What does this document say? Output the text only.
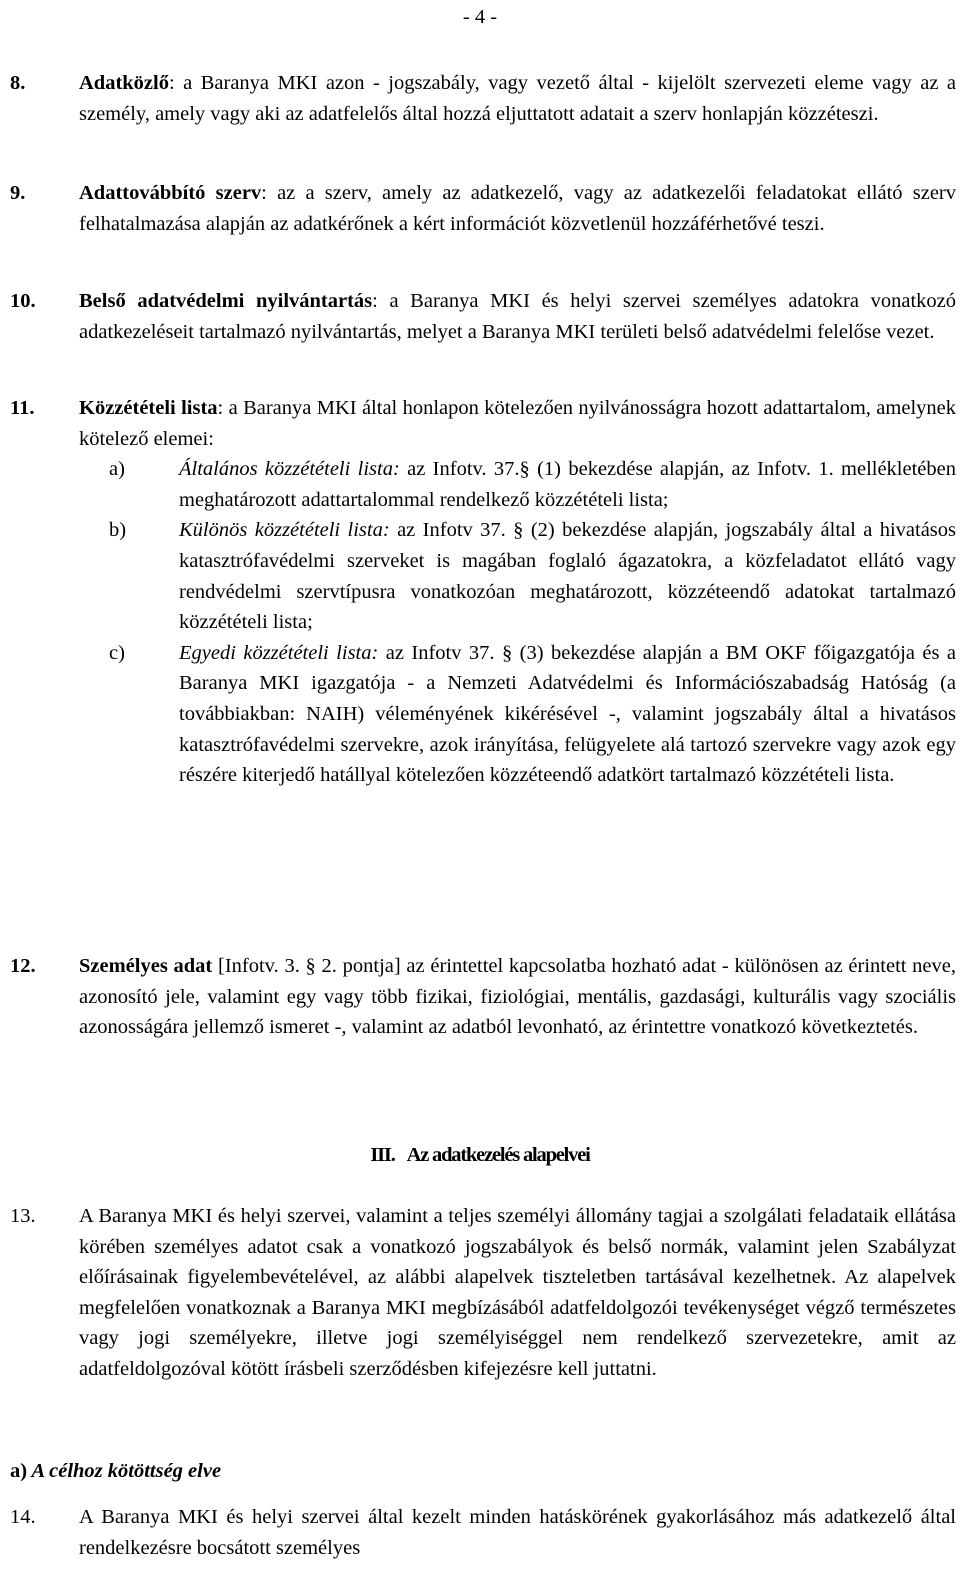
- 4 -
8.	Adatközlő: a Baranya MKI azon - jogszabály, vagy vezető által - kijelölt szervezeti eleme vagy az a személy, amely vagy aki az adatfelelős által hozzá eljuttatott adatait a szerv honlapján közzéteszi.
9.	Adattovábbító szerv: az a szerv, amely az adatkezelő, vagy az adatkezelői feladatokat ellátó szerv felhatalmazása alapján az adatkérőnek a kért információt közvetlenül hozzáférhetővé teszi.
10. Belső adatvédelmi nyilvántartás: a Baranya MKI és helyi szervei személyes adatokra vonatkozó adatkezeléseit tartalmazó nyilvántartás, melyet a Baranya MKI területi belső adatvédelmi felelőse vezet.
11. Közzétételi lista: a Baranya MKI által honlapon kötelezően nyilvánosságra hozott adattartalom, amelynek kötelező elemei:
a)	Általános közzétételi lista: az Infotv. 37.§ (1) bekezdése alapján, az Infotv. 1. mellékletében meghatározott adattartalommal rendelkező közzétételi lista;
b)	Különös közzétételi lista: az Infotv 37. § (2) bekezdése alapján, jogszabály által a hivatásos katasztrófavédelmi szerveket is magában foglaló ágazatokra, a közfeladatot ellátó vagy rendvédelmi szervtípusra vonatkozóan meghatározott, közzéteendő adatokat tartalmazó közzétételi lista;
c)	Egyedi közzétételi lista: az Infotv 37. § (3) bekezdése alapján a BM OKF főigazgatója és a Baranya MKI igazgatója - a Nemzeti Adatvédelmi és Információszabadság Hatóság (a továbbiakban: NAIH) véleményének kikérésével -, valamint jogszabály által a hivatásos katasztrófavédelmi szervekre, azok irányítása, felügyelete alá tartozó szervekre vagy azok egy részére kiterjedő hatállyal kötelezően közzéteendő adatkört tartalmazó közzétételi lista.
12. Személyes adat [Infotv. 3. § 2. pontja] az érintettel kapcsolatba hozható adat - különösen az érintett neve, azonosító jele, valamint egy vagy több fizikai, fiziológiai, mentális, gazdasági, kulturális vagy szociális azonosságára jellemző ismeret -, valamint az adatból levonható, az érintettre vonatkozó következtetés.
III. Az adatkezelés alapelvei
13. A Baranya MKI és helyi szervei, valamint a teljes személyi állomány tagjai a szolgálati feladataik ellátása körében személyes adatot csak a vonatkozó jogszabályok és belső normák, valamint jelen Szabályzat előírásainak figyelembevételével, az alábbi alapelvek tiszteletben tartásával kezelhetnek. Az alapelvek megfelelően vonatkoznak a Baranya MKI megbízásából adatfeldolgozói tevékenységet végző természetes vagy jogi személyekre, illetve jogi személyiséggel nem rendelkező szervezetekre, amit az adatfeldolgozóval kötött írásbeli szerződésben kifejezésre kell juttatni.
a) A célhoz kötöttség elve
14. A Baranya MKI és helyi szervei által kezelt minden hatáskörének gyakorlásához más adatkezelő által rendelkezésre bocsátott személyes
